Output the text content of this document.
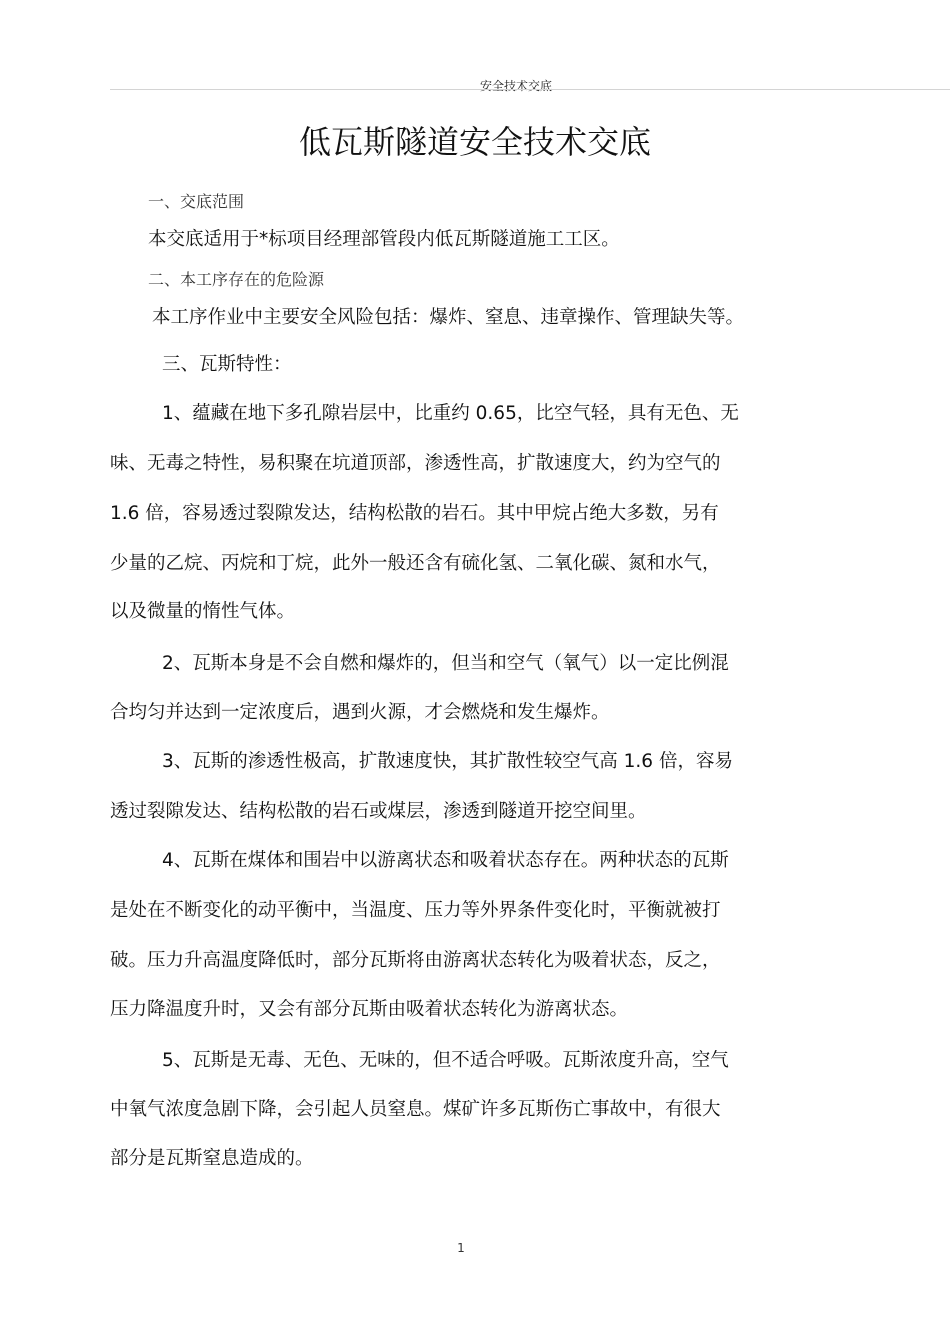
安全技术交底
低瓦斯隧道安全技术交底
一、交底范围
本交底适用于*标项目经理部管段内低瓦斯隧道施工工区。
二、本工序存在的危险源
本工序作业中主要安全风险包括：爆炸、窒息、违章操作、管理缺失等。
三、瓦斯特性：
1、蕴藏在地下多孔隙岩层中，比重约 0.65，比空气轻，具有无色、无
味、无毒之特性，易积聚在坑道顶部，渗透性高，扩散速度大，约为空气的
1.6 倍，容易透过裂隙发达，结构松散的岩石。其中甲烷占绝大多数，另有
少量的乙烷、丙烷和丁烷，此外一般还含有硫化氢、二氧化碳、氮和水气，
以及微量的惰性气体。
2、瓦斯本身是不会自燃和爆炸的，但当和空气（氧气）以一定比例混
合均匀并达到一定浓度后，遇到火源，才会燃烧和发生爆炸。
3、瓦斯的渗透性极高，扩散速度快，其扩散性较空气高 1.6 倍，容易
透过裂隙发达、结构松散的岩石或煤层，渗透到隧道开挖空间里。
4、瓦斯在煤体和围岩中以游离状态和吸着状态存在。两种状态的瓦斯
是处在不断变化的动平衡中，当温度、压力等外界条件变化时，平衡就被打
破。压力升高温度降低时，部分瓦斯将由游离状态转化为吸着状态，反之，
压力降温度升时，又会有部分瓦斯由吸着状态转化为游离状态。
5、瓦斯是无毒、无色、无味的，但不适合呼吸。瓦斯浓度升高，空气
中氧气浓度急剧下降，会引起人员窒息。煤矿许多瓦斯伤亡事故中，有很大
部分是瓦斯窒息造成的。
1
